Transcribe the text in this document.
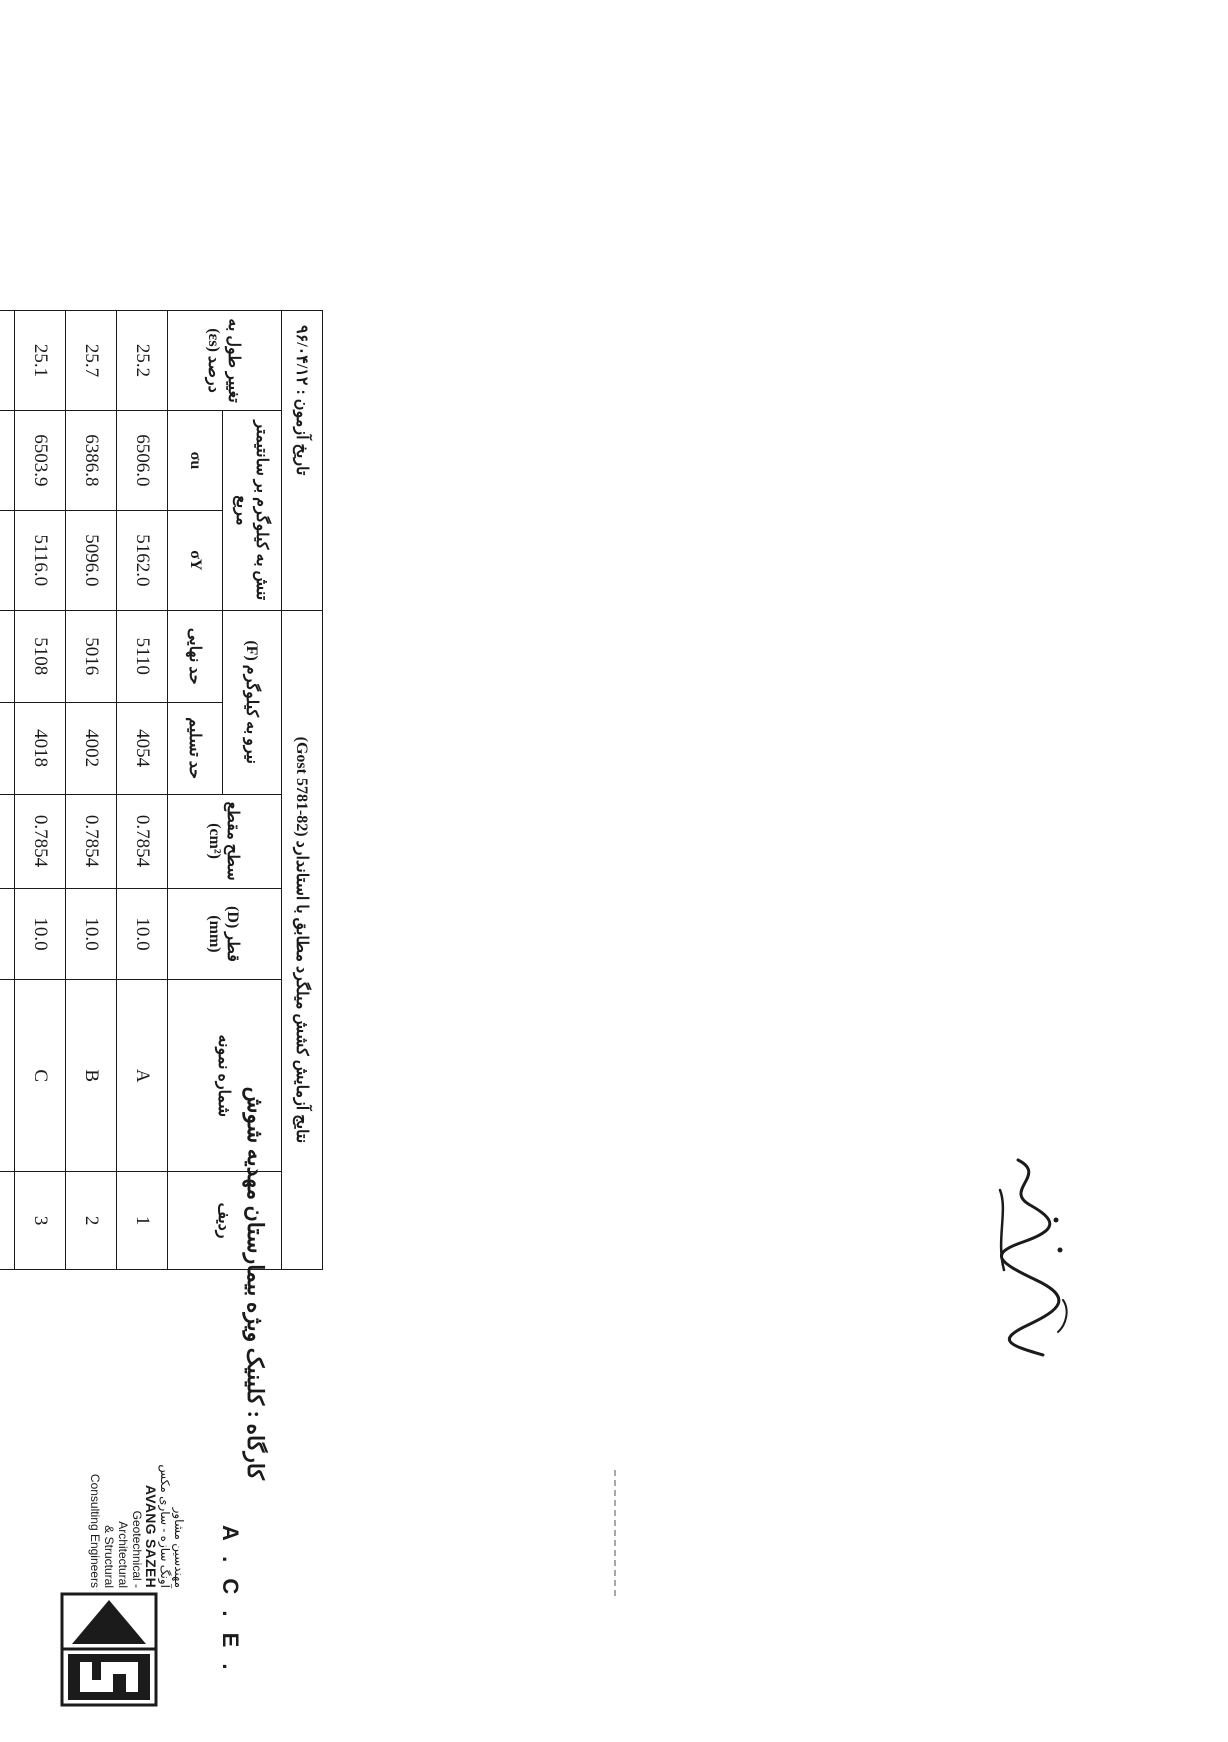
مهندسین مشاور
آونگ سازه - ساری مکس
AVANG SAZEH
Geotechnical - Architectural
& Structural
Consulting Engineers	A . C . E .
کارگاه : کلینیک ویژه بیمارستان مهدیه شوش
نتایج آزمایش کشش میلگرد مطابق با استاندارد (Gost 5781-82)						تاریخ آزمون : ۹۶/۰۴/۱۲		
ردیف	شماره نمونه	قطر (D) (mm)	سطح مقطع (cm²)	نیرو به کیلوگرم (F)		تنش به کیلوگرم بر سانتیمتر مربع		تغییر طول به درصد (εs)
				حد تسلیم	حد نهایی	σY	σu	
1	A	10.0	0.7854	4054	5110	5162.0	6506.0	25.2
2	B	10.0	0.7854	4002	5016	5096.0	6386.8	25.7
3	C	10.0	0.7854	4018	5108	5116.0	6503.9	25.1
